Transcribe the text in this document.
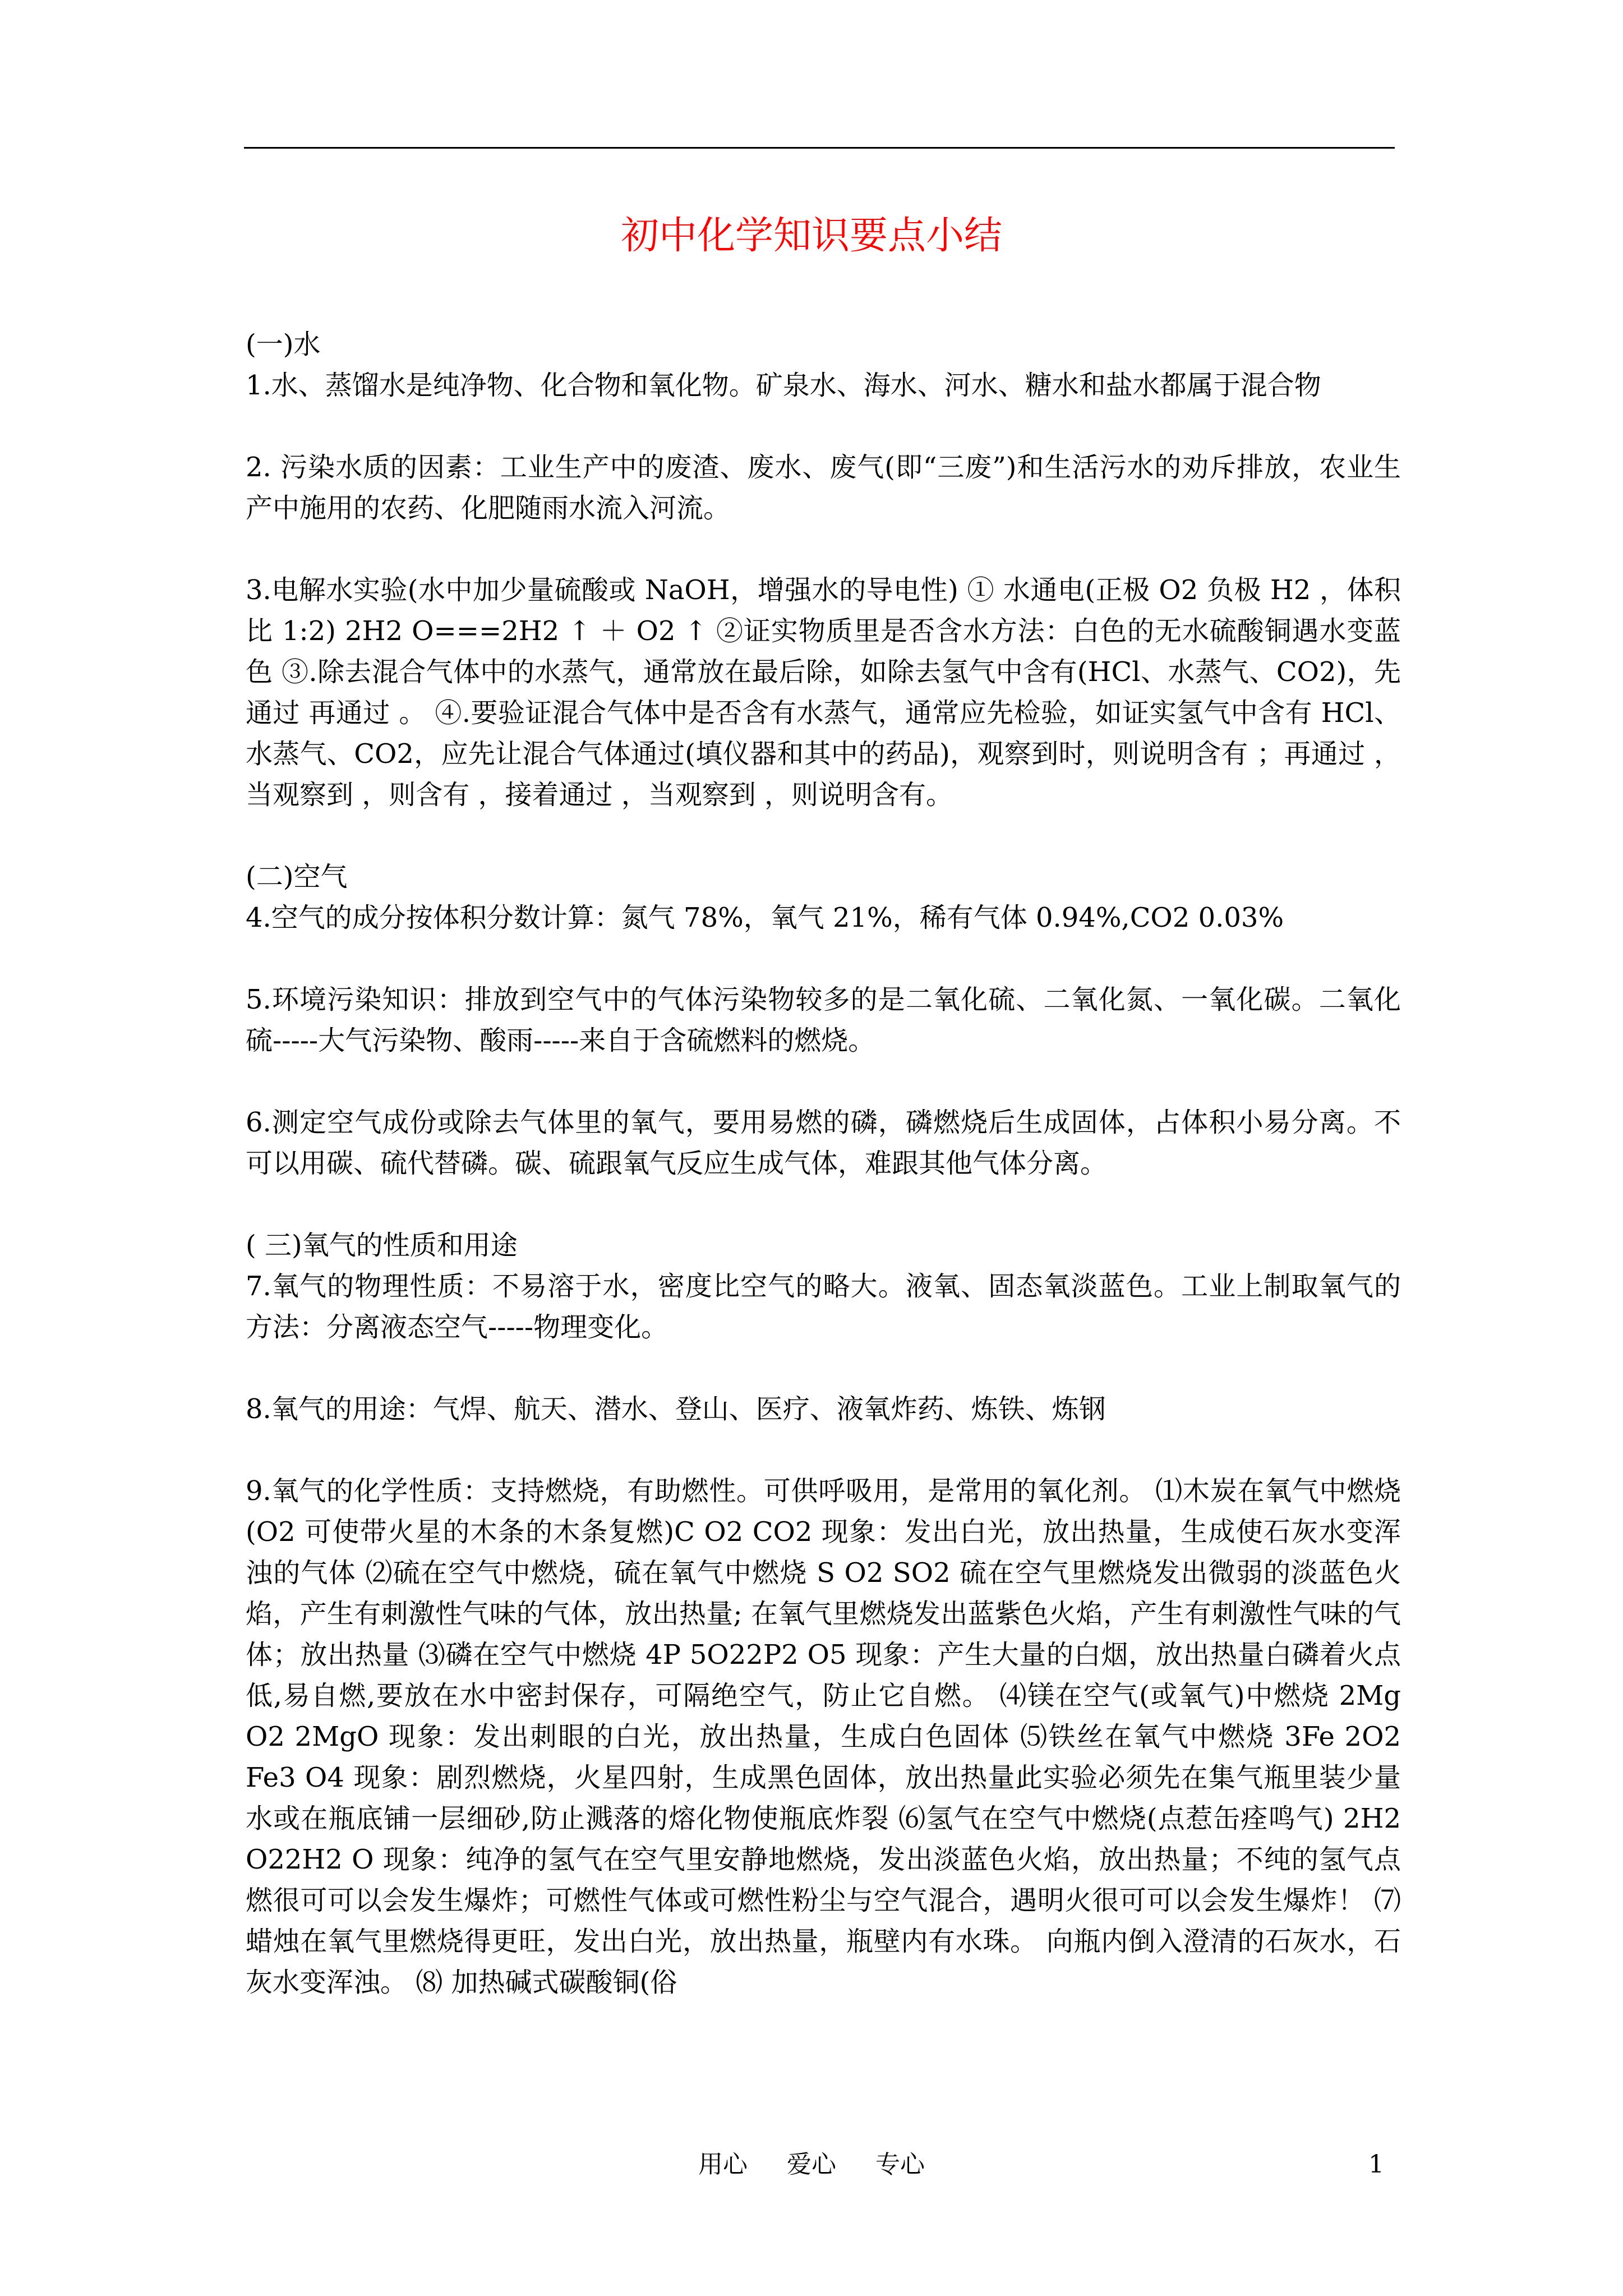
初中化学知识要点小结

(一)水

1.水、蒸馏水是纯净物、化合物和氧化物。矿泉水、海水、河水、糖水和盐水都属于混合物

2. 污染水质的因素：工业生产中的废渣、废水、废气(即“三废”)和生活污水的劝斥排放，农业生产中施用的农药、化肥随雨水流入河流。

3.电解水实验(水中加少量硫酸或 NaOH，增强水的导电性) ① 水通电(正极 O2 负极 H2 ，体积比 1:2) 2H2 O===2H2 ↑ ＋ O2 ↑ ②证实物质里是否含水方法：白色的无水硫酸铜遇水变蓝色 ③.除去混合气体中的水蒸气，通常放在最后除，如除去氢气中含有(HCl、水蒸气、CO2)，先通过 再通过 。 ④.要验证混合气体中是否含有水蒸气，通常应先检验，如证实氢气中含有 HCl、水蒸气、CO2，应先让混合气体通过(填仪器和其中的药品)，观察到时，则说明含有 ；再通过 ，当观察到 ，则含有 ，接着通过 ，当观察到 ，则说明含有。

(二)空气

4.空气的成分按体积分数计算：氮气 78%，氧气 21%，稀有气体 0.94%,CO2 0.03%

5.环境污染知识：排放到空气中的气体污染物较多的是二氧化硫、二氧化氮、一氧化碳。二氧化硫-----大气污染物、酸雨-----来自于含硫燃料的燃烧。

6.测定空气成份或除去气体里的氧气，要用易燃的磷，磷燃烧后生成固体，占体积小易分离。不可以用碳、硫代替磷。碳、硫跟氧气反应生成气体，难跟其他气体分离。

( 三)氧气的性质和用途

7.氧气的物理性质：不易溶于水，密度比空气的略大。液氧、固态氧淡蓝色。工业上制取氧气的方法：分离液态空气-----物理变化。

8.氧气的用途：气焊、航天、潜水、登山、医疗、液氧炸药、炼铁、炼钢

9.氧气的化学性质：支持燃烧，有助燃性。可供呼吸用，是常用的氧化剂。 ⑴木炭在氧气中燃烧(O2 可使带火星的木条的木条复燃)C O2 CO2 现象：发出白光，放出热量，生成使石灰水变浑浊的气体 ⑵硫在空气中燃烧，硫在氧气中燃烧 S O2 SO2 硫在空气里燃烧发出微弱的淡蓝色火焰，产生有刺激性气味的气体，放出热量; 在氧气里燃烧发出蓝紫色火焰，产生有刺激性气味的气体；放出热量 ⑶磷在空气中燃烧 4P 5O22P2 O5 现象：产生大量的白烟，放出热量白磷着火点低,易自燃,要放在水中密封保存，可隔绝空气，防止它自燃。 ⑷镁在空气(或氧气)中燃烧 2Mg O2 2MgO 现象：发出刺眼的白光，放出热量，生成白色固体 ⑸铁丝在氧气中燃烧 3Fe 2O2 Fe3 O4 现象：剧烈燃烧，火星四射，生成黑色固体，放出热量此实验必须先在集气瓶里装少量水或在瓶底铺一层细砂,防止溅落的熔化物使瓶底炸裂 ⑹氢气在空气中燃烧(点惹缶痊鸣气) 2H2 O22H2 O 现象：纯净的氢气在空气里安静地燃烧，发出淡蓝色火焰，放出热量；不纯的氢气点燃很可可以会发生爆炸；可燃性气体或可燃性粉尘与空气混合，遇明火很可可以会发生爆炸！ ⑺蜡烛在氧气里燃烧得更旺，发出白光，放出热量，瓶壁内有水珠。 向瓶内倒入澄清的石灰水，石灰水变浑浊。 ⑻ 加热碱式碳酸铜(俗

用心 爱心 专心	1
